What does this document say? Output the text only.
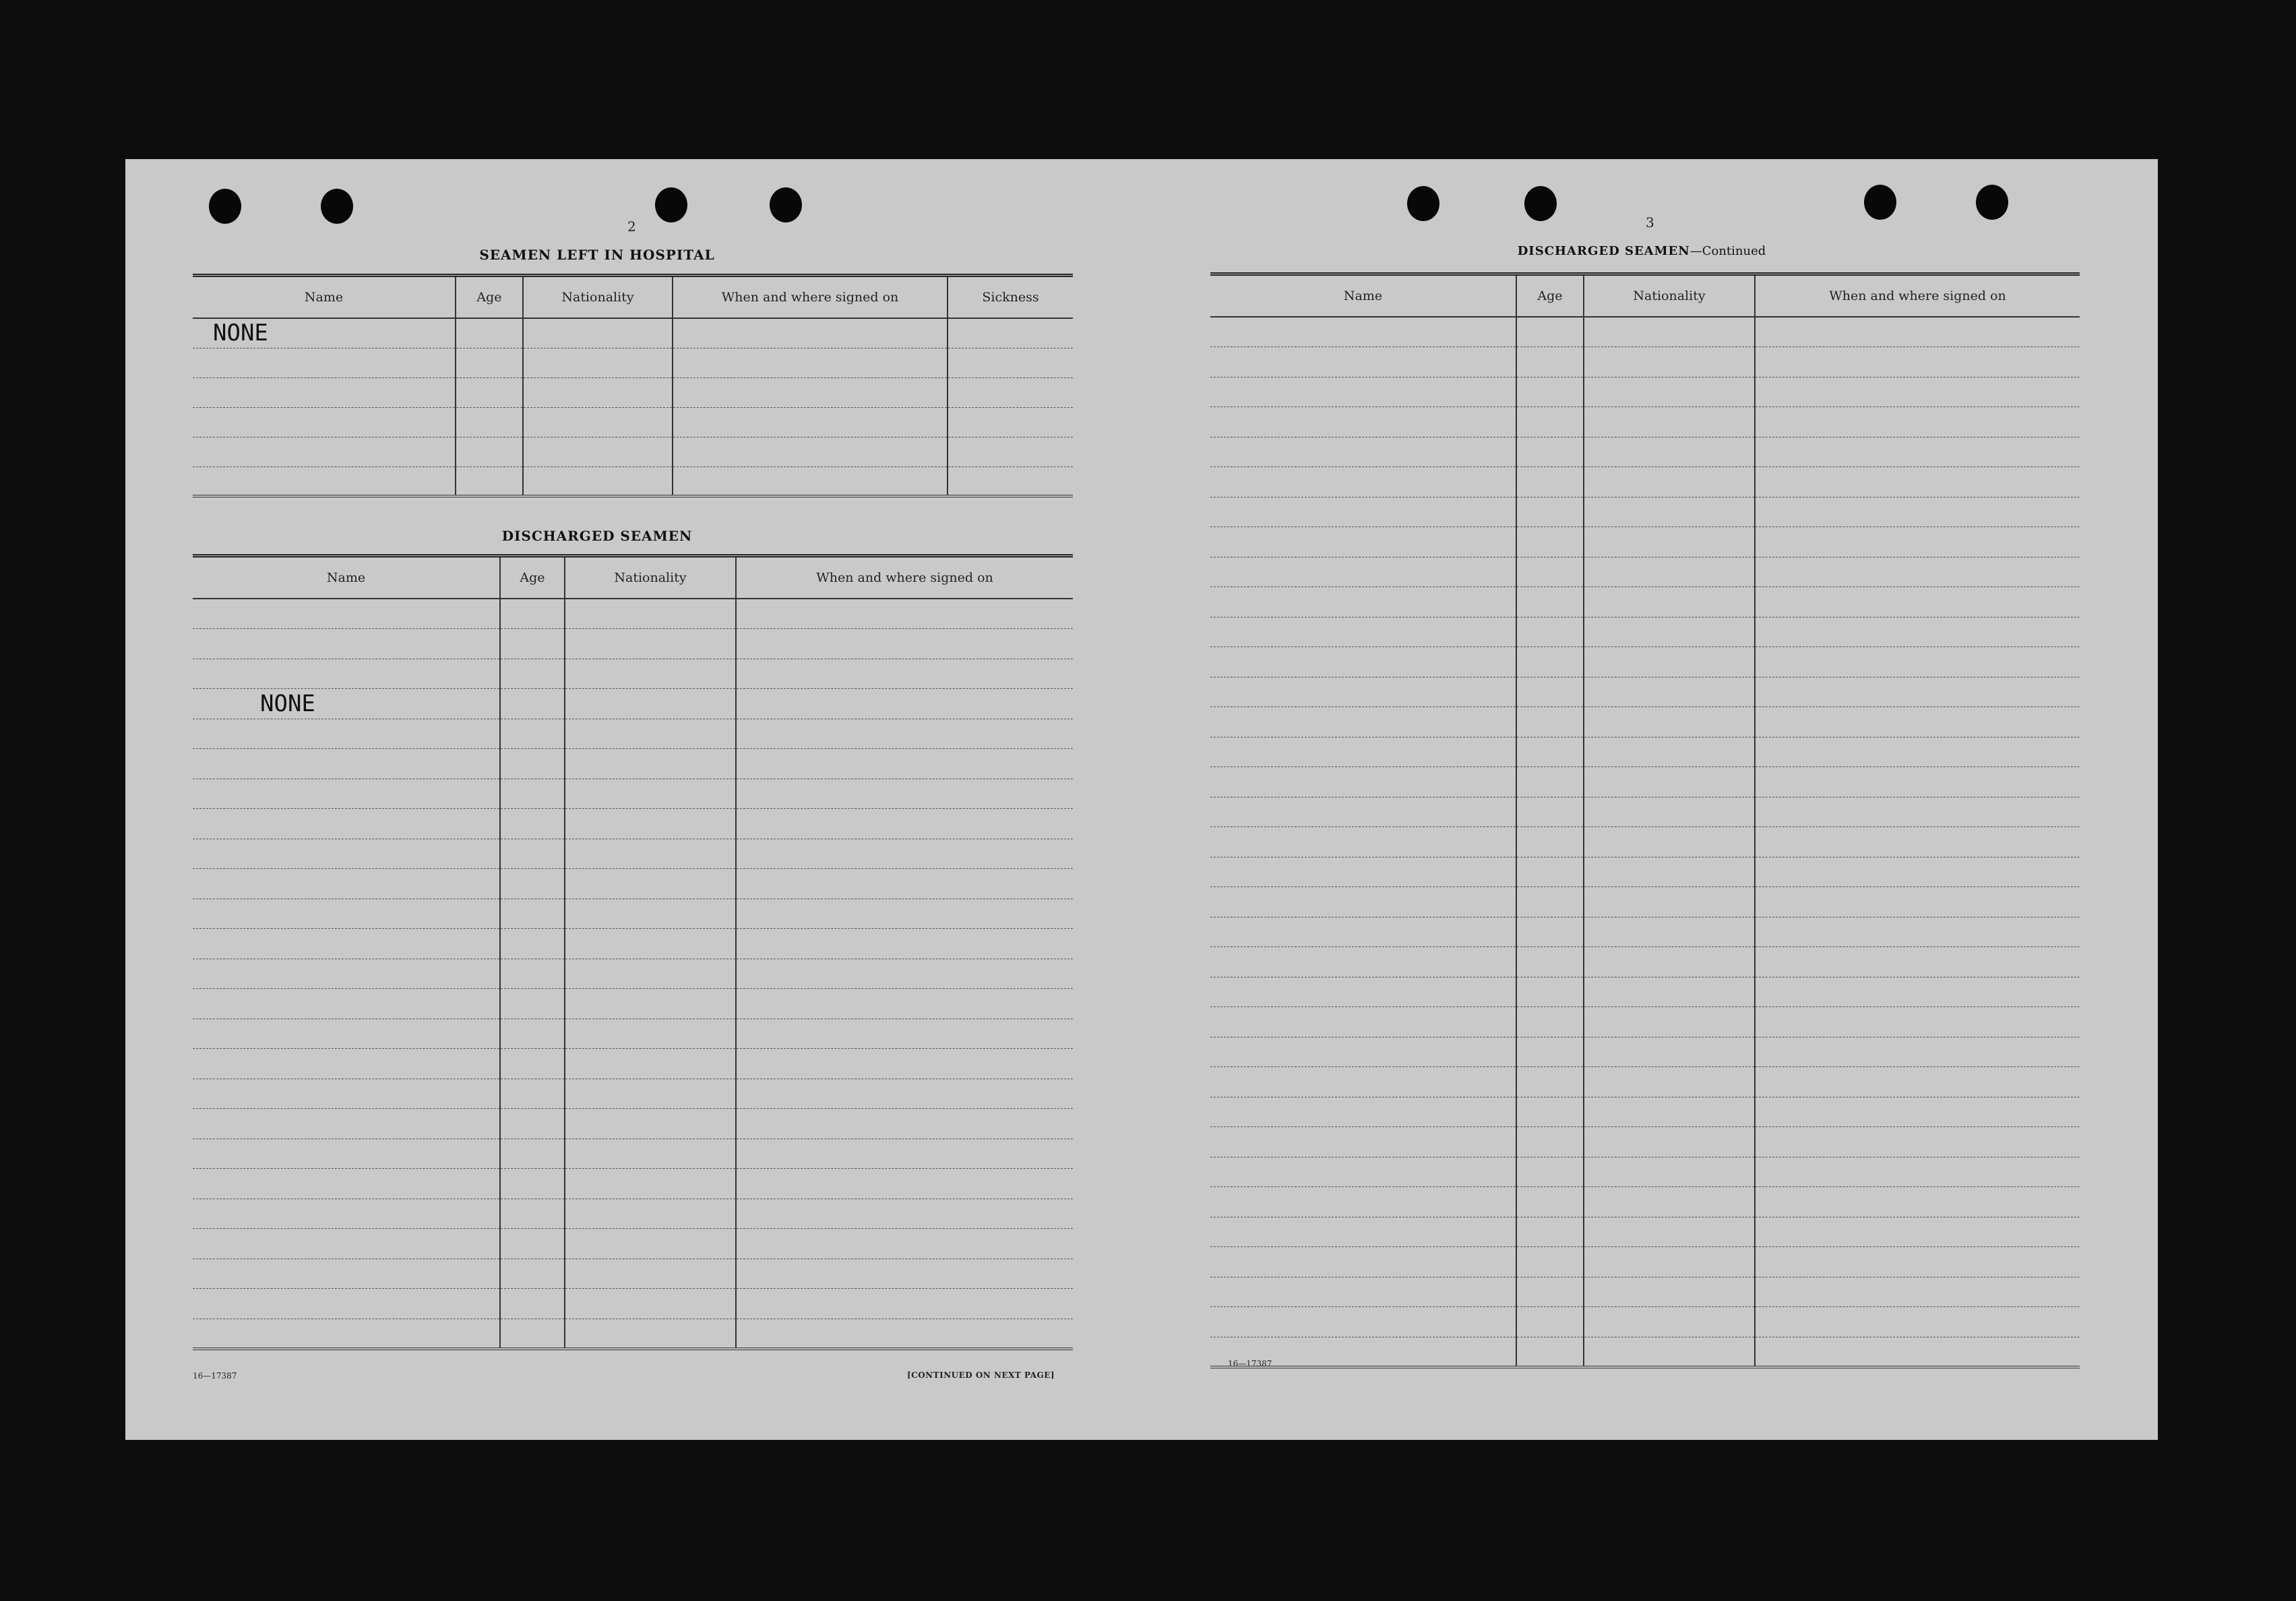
2
SEAMEN LEFT IN HOSPITAL
Name	Age	Nationality	When and where signed on	Sickness
NONE				

DISCHARGED SEAMEN
Name	Age	Nationality	When and where signed on

NONE			

16—17387	[CONTINUED ON NEXT PAGE]
3
DISCHARGED SEAMEN—Continued
Name	Age	Nationality	When and where signed on

16—17387
